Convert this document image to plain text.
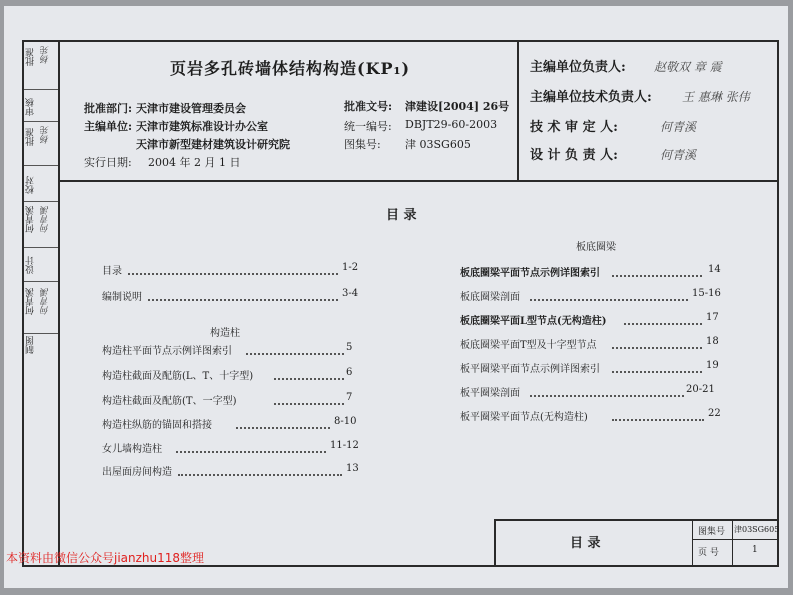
批准 杨宪
审核
批准 杨宪
校对
何青溪 何青溪
设计
何青溪 何青溪
制图
页岩多孔砖墙体结构构造(KP₁)
批准部门: 天津市建设管理委员会
主编单位: 天津市建筑标准设计办公室
天津市新型建材建筑设计研究院
实行日期: 2004 年 2 月 1 日
批准文号: 津建设[2004] 26号
统一编号: DBJT29-60-2003
图集号: 津 03SG605
主编单位负责人: 赵敬双 章 震
主编单位技术负责人:	王 惠琳 张伟
技 术 审 定 人:	何青溪
设 计 负 责 人:	何青溪
目 录
目录	1-2
编制说明	3-4
构造柱
构造柱平面节点示例详图索引	5
构造柱截面及配筋(L、T、十字型)	6
构造柱截面及配筋(T、一字型)	7
构造柱纵筋的锚固和搭接	8-10
女儿墙构造柱	11-12
出屋面房间构造	13
板底圈梁
板底圈梁平面节点示例详图索引	14
板底圈梁剖面	15-16
板底圈梁平面L型节点(无构造柱)	17
板底圈梁平面T型及十字型节点	18
板平圈梁平面节点示例详图索引	19
板平圈梁剖面	20-21
板平圈梁平面节点(无构造柱)	22
目 录
图集号 津03SG605
页 号	1
本资料由微信公众号jianzhu118整理
